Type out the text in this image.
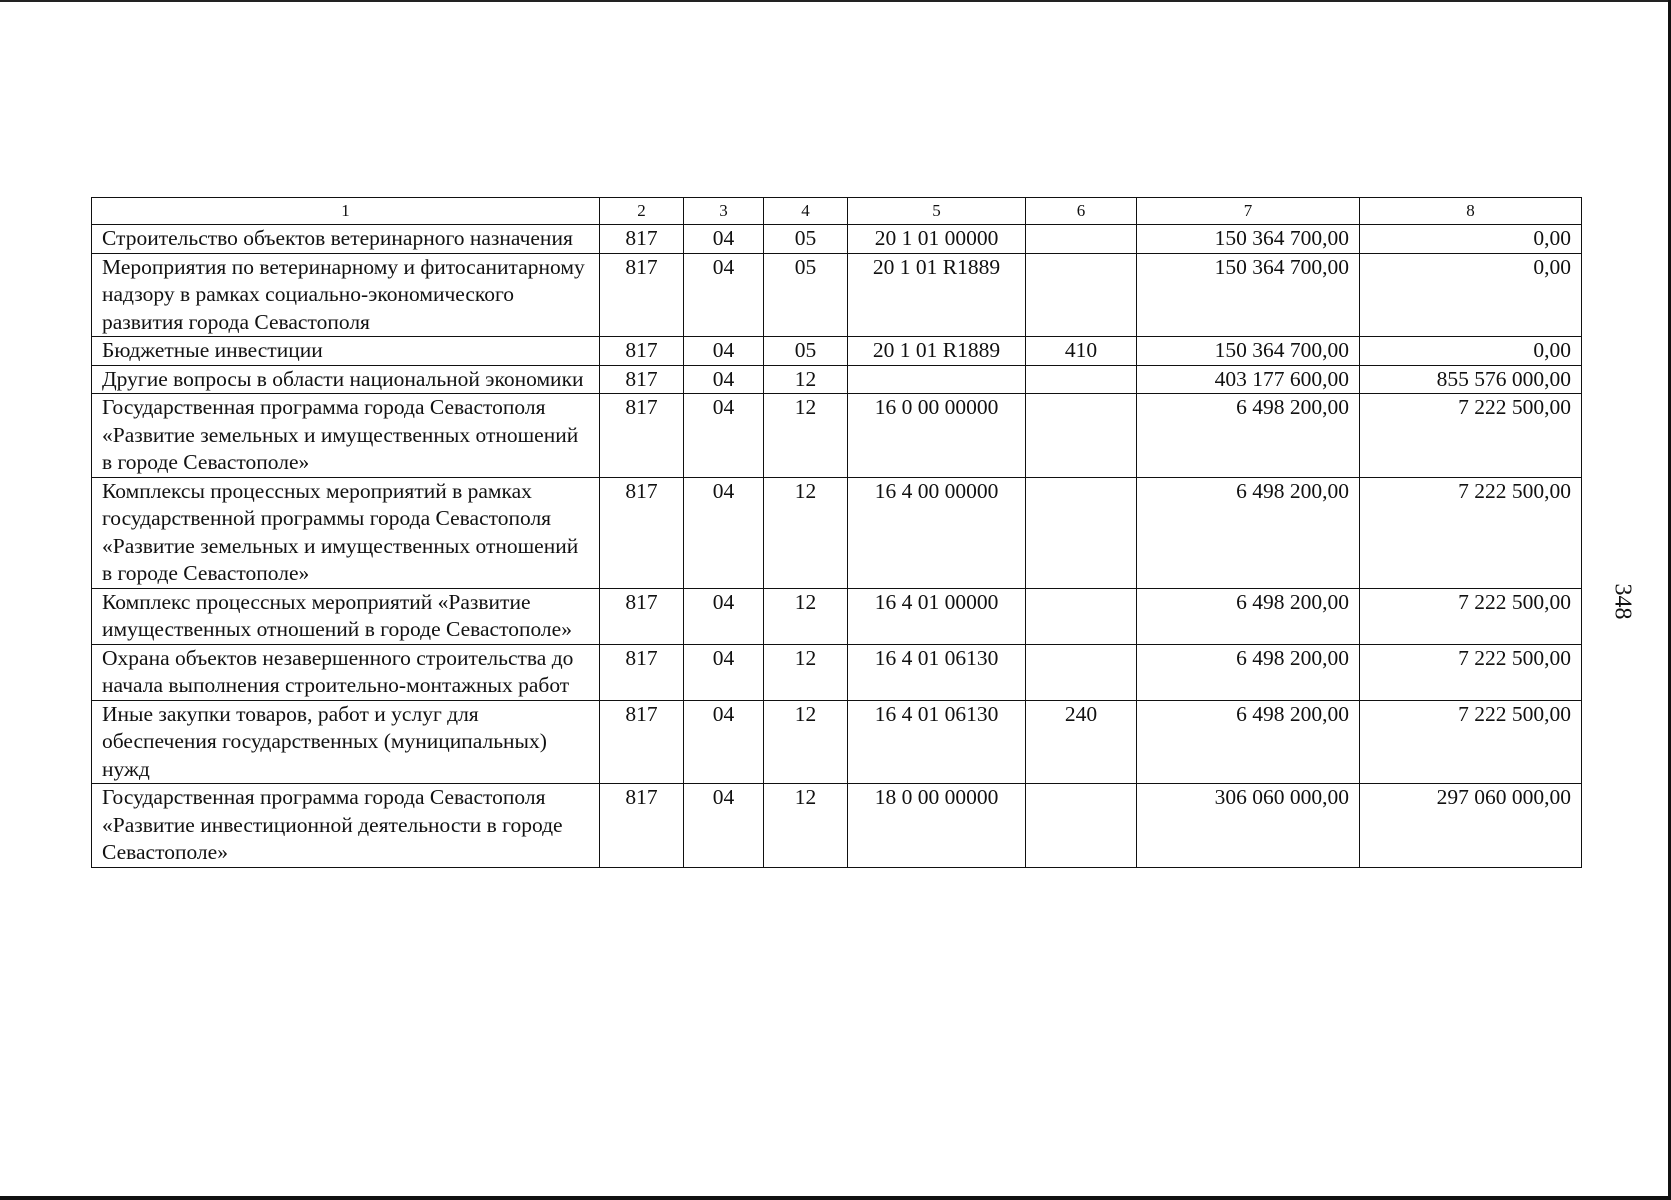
1	2	3	4	5	6	7	8
Строительство объектов ветеринарного назначения	817	04	05	20 1 01 00000		150 364 700,00	0,00
Мероприятия по ветеринарному и фитосанитарному надзору в рамках социально-экономического развития города Севастополя	817	04	05	20 1 01 R1889		150 364 700,00	0,00
Бюджетные инвестиции	817	04	05	20 1 01 R1889	410	150 364 700,00	0,00
Другие вопросы в области национальной экономики	817	04	12			403 177 600,00	855 576 000,00
Государственная программа города Севастополя «Развитие земельных и имущественных отношений в городе Севастополе»	817	04	12	16 0 00 00000		6 498 200,00	7 222 500,00
Комплексы процессных мероприятий в рамках государственной программы города Севастополя «Развитие земельных и имущественных отношений в городе Севастополе»	817	04	12	16 4 00 00000		6 498 200,00	7 222 500,00
Комплекс процессных мероприятий «Развитие имущественных отношений в городе Севастополе»	817	04	12	16 4 01 00000		6 498 200,00	7 222 500,00
Охрана объектов незавершенного строительства до начала выполнения строительно-монтажных работ	817	04	12	16 4 01 06130		6 498 200,00	7 222 500,00
Иные закупки товаров, работ и услуг для обеспечения государственных (муниципальных) нужд	817	04	12	16 4 01 06130	240	6 498 200,00	7 222 500,00
Государственная программа города Севастополя «Развитие инвестиционной деятельности в городе Севастополе»	817	04	12	18 0 00 00000		306 060 000,00	297 060 000,00
348
